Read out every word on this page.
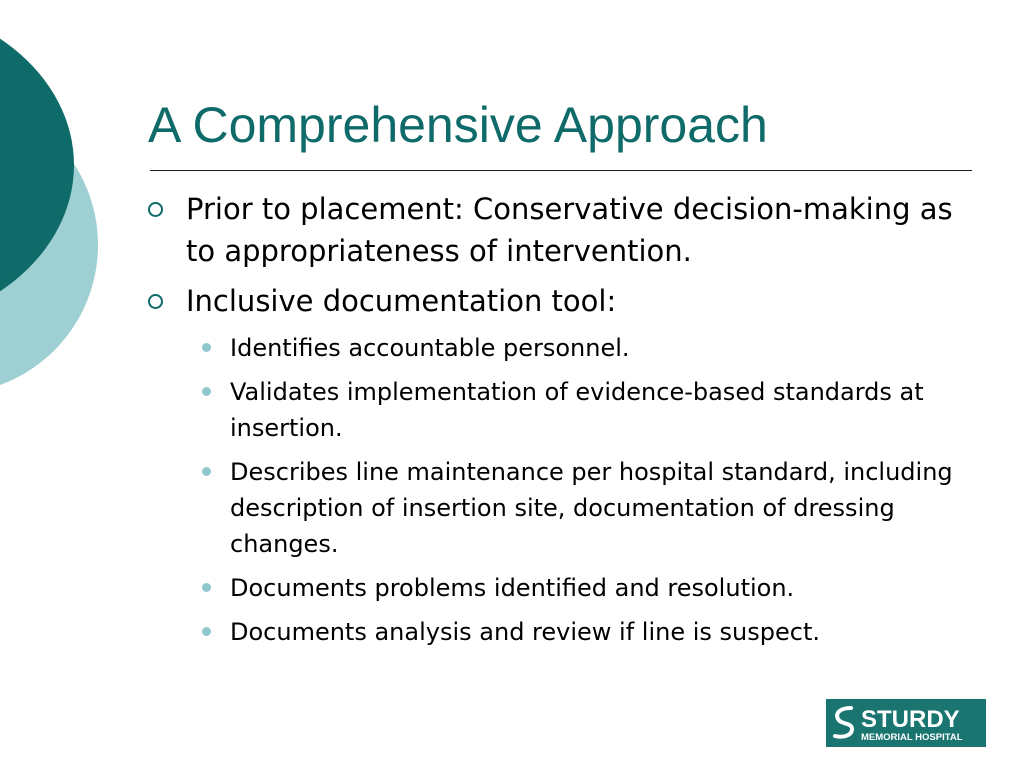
A Comprehensive Approach
Prior to placement: Conservative decision-making as to appropriateness of intervention.
Inclusive documentation tool:
Identifies accountable personnel.
Validates implementation of evidence-based standards at insertion.
Describes line maintenance per hospital standard, including description of insertion site, documentation of dressing changes.
Documents problems identified and resolution.
Documents analysis and review if line is suspect.
STURDY
MEMORIAL HOSPITAL
